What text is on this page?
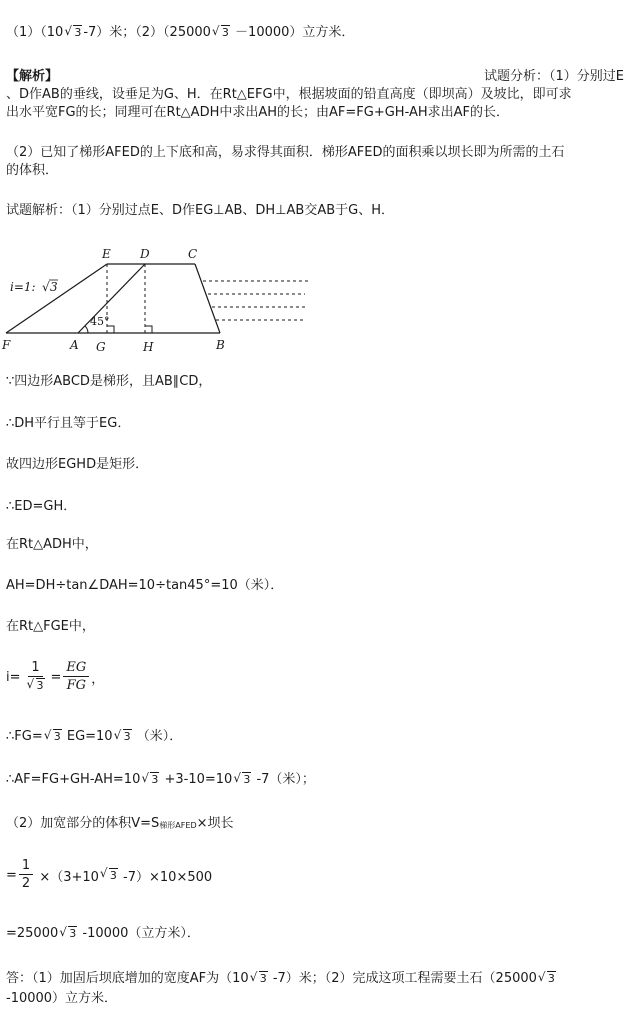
（1）（10√ 3 -7）米；（2）（25000√ 3 －10000）立方米．
【解析】	试题分析：（1）分别过E
、D作AB的垂线，设垂足为G、H．在Rt△EFG中，根据坡面的铅直高度（即坝高）及坡比，即可求
出水平宽FG的长；同理可在Rt△ADH中求出AH的长；由AF=FG+GH-AH求出AF的长．
（2）已知了梯形AFED的上下底和高，易求得其面积．梯形AFED的面积乘以坝长即为所需的土石
的体积．
试题解析：（1）分别过点E、D作EG⊥AB、DH⊥AB交AB于G、H．
E D	C
F	A G	H	B
i=1: √ 3
45°
∵四边形ABCD是梯形，且AB∥CD，
∴DH平行且等于EG．
故四边形EGHD是矩形．
∴ED=GH．
在Rt△ADH中，
AH=DH÷tan∠DAH=10÷tan45°=10（米）．
在Rt△FGE中，
i= 1
√ $3 = \frac{EG}{FG}$ ，
∴FG=√ 3 EG=10√ 3 （米）．
∴AF=FG+GH-AH=10√ 3 +3-10=10√ 3 -7（米）；
（2）加宽部分的体积V=S梯形AFED×坝长
= $\frac{1}{2} \times(3+10√$ 3 -7）×10×500
=25000√ 3 -10000（立方米）．
答：（1）加固后坝底增加的宽度AF为（10√ 3 -7）米；（2）完成这项工程需要土石（25000√ 3
-10000）立方米．
